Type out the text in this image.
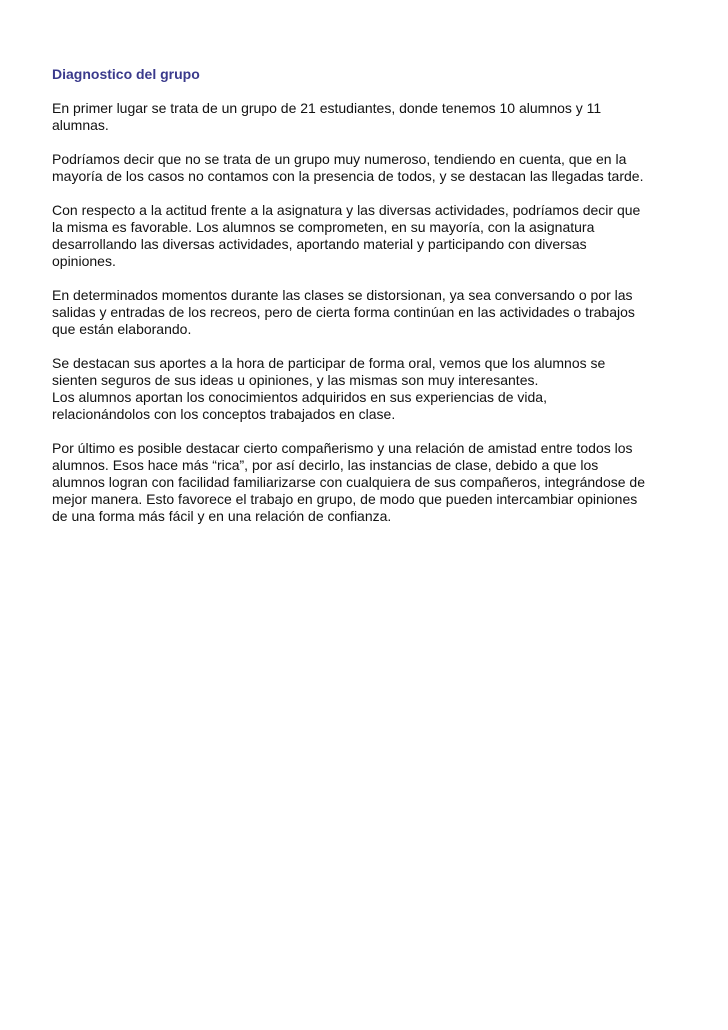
Diagnostico del grupo
En primer lugar se trata de un grupo de 21 estudiantes, donde tenemos 10 alumnos y 11
alumnas.
Podríamos decir que no se trata de un grupo muy numeroso, tendiendo en cuenta, que en la
mayoría de los casos no contamos con la presencia de todos, y se destacan las llegadas tarde.
Con respecto a la actitud frente a la asignatura y las diversas actividades, podríamos decir que
la misma es favorable. Los alumnos se comprometen, en su mayoría, con la asignatura
desarrollando las diversas actividades, aportando material y participando con diversas
opiniones.
En determinados momentos durante las clases se distorsionan, ya sea conversando o por las
salidas y entradas de los recreos, pero de cierta forma continúan en las actividades o trabajos
que están elaborando.
Se destacan sus aportes a la hora de participar de forma oral, vemos que los alumnos se
sienten seguros de sus ideas u opiniones, y las mismas son muy interesantes.
Los alumnos aportan los conocimientos adquiridos en sus experiencias de vida,
relacionándolos con los conceptos trabajados en clase.
Por último es posible destacar cierto compañerismo y una relación de amistad entre todos los
alumnos. Esos hace más “rica”, por así decirlo, las instancias de clase, debido a que los
alumnos logran con facilidad familiarizarse con cualquiera de sus compañeros, integrándose de
mejor manera. Esto favorece el trabajo en grupo, de modo que pueden intercambiar opiniones
de una forma más fácil y en una relación de confianza.
